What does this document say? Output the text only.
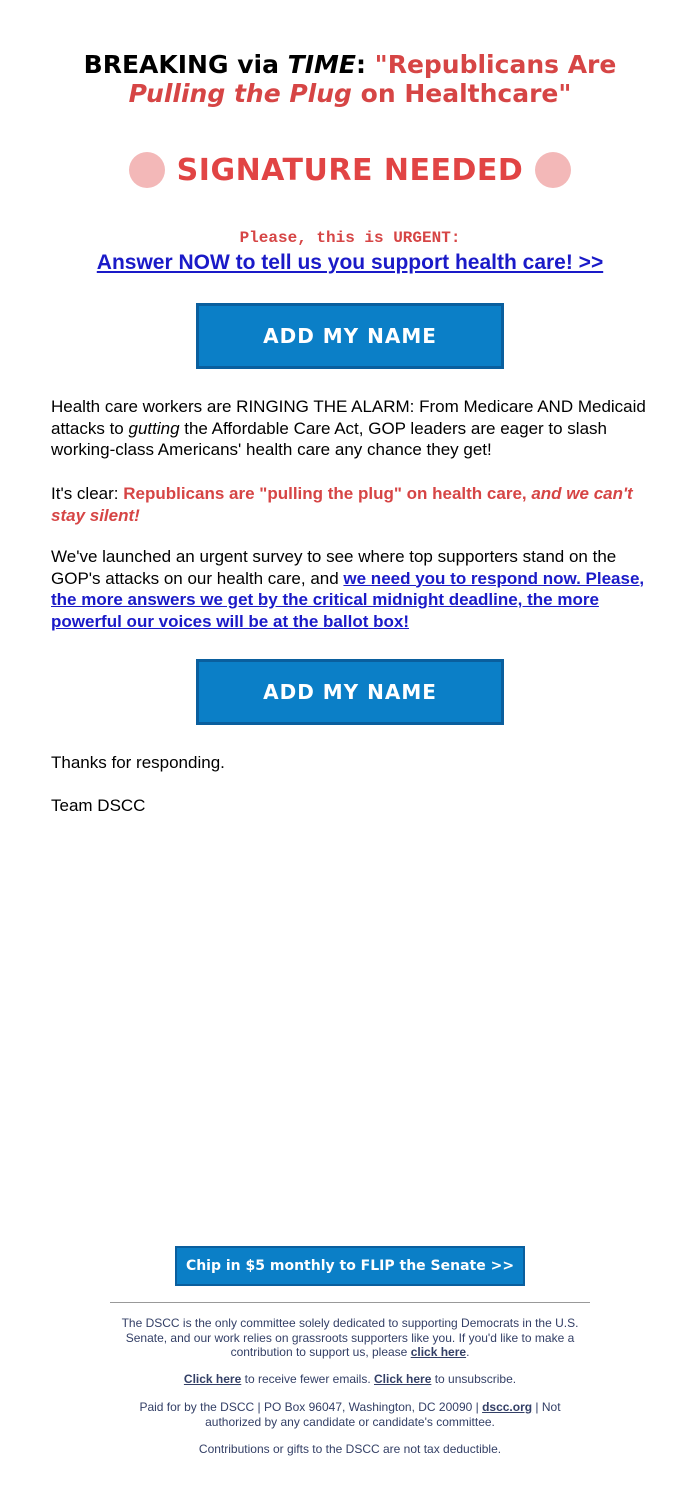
BREAKING via TIME: "Republicans Are
Pulling the Plug on Healthcare"
SIGNATURE NEEDED
Please, this is URGENT:
Answer NOW to tell us you support health care! >>
ADD MY NAME
Health care workers are RINGING THE ALARM: From Medicare AND Medicaid attacks to gutting the Affordable Care Act, GOP leaders are eager to slash working-class Americans' health care any chance they get!
It's clear: Republicans are "pulling the plug" on health care, and we can't stay silent!
We've launched an urgent survey to see where top supporters stand on the GOP's attacks on our health care, and we need you to respond now. Please, the more answers we get by the critical midnight deadline, the more powerful our voices will be at the ballot box!
ADD MY NAME
Thanks for responding.
Team DSCC
Chip in $5 monthly to FLIP the Senate >>
The DSCC is the only committee solely dedicated to supporting Democrats in the U.S. Senate, and our work relies on grassroots supporters like you. If you'd like to make a contribution to support us, please click here.
Click here to receive fewer emails. Click here to unsubscribe.
Paid for by the DSCC | PO Box 96047, Washington, DC 20090 | dscc.org | Not authorized by any candidate or candidate's committee.
Contributions or gifts to the DSCC are not tax deductible.
